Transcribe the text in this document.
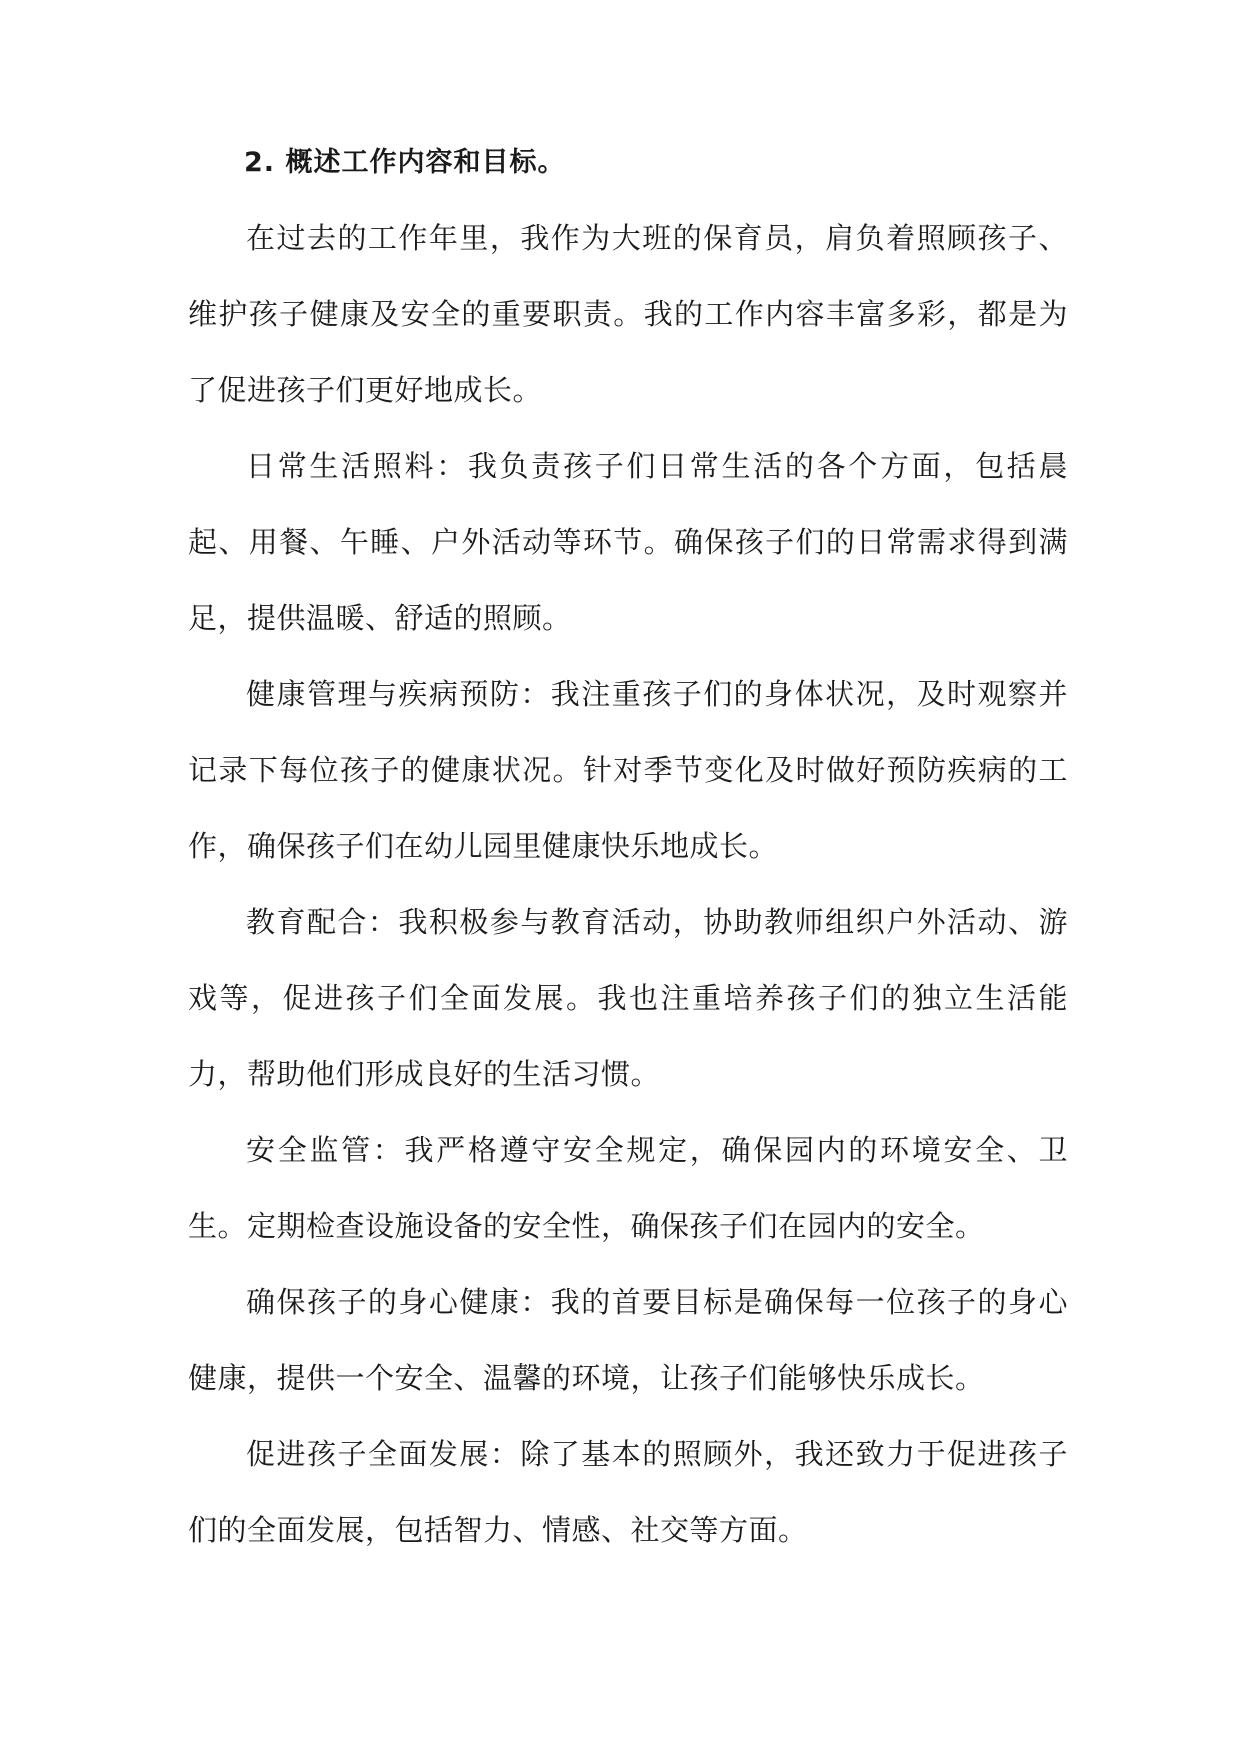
2. 概述工作内容和目标。

在过去的工作年里，我作为大班的保育员，肩负着照顾孩子、维护孩子健康及安全的重要职责。我的工作内容丰富多彩，都是为了促进孩子们更好地成长。

日常生活照料：我负责孩子们日常生活的各个方面，包括晨起、用餐、午睡、户外活动等环节。确保孩子们的日常需求得到满足，提供温暖、舒适的照顾。

健康管理与疾病预防：我注重孩子们的身体状况，及时观察并记录下每位孩子的健康状况。针对季节变化及时做好预防疾病的工作，确保孩子们在幼儿园里健康快乐地成长。

教育配合：我积极参与教育活动，协助教师组织户外活动、游戏等，促进孩子们全面发展。我也注重培养孩子们的独立生活能力，帮助他们形成良好的生活习惯。

安全监管：我严格遵守安全规定，确保园内的环境安全、卫生。定期检查设施设备的安全性，确保孩子们在园内的安全。

确保孩子的身心健康：我的首要目标是确保每一位孩子的身心健康，提供一个安全、温馨的环境，让孩子们能够快乐成长。

促进孩子全面发展：除了基本的照顾外，我还致力于促进孩子们的全面发展，包括智力、情感、社交等方面。
